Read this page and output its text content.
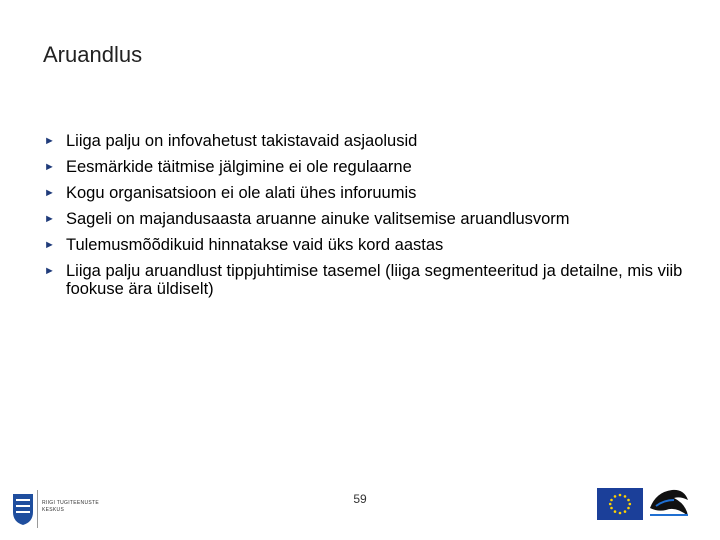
Aruandlus
► Liiga palju on infovahetust takistavaid asjaolusid
► Eesmärkide täitmise jälgimine ei ole regulaarne
► Kogu organisatsioon ei ole alati ühes inforuumis
► Sageli on majandusaasta aruanne ainuke valitsemise aruandlusvorm
► Tulemusmõõdikuid hinnatakse vaid üks kord aastas
► Liiga palju aruandlust tippjuhtimise tasemel (liiga segmenteeritud ja detailne, mis viib fookuse ära üldiselt)
RIIGI TUGITEENUSTE
KESKUS
59
